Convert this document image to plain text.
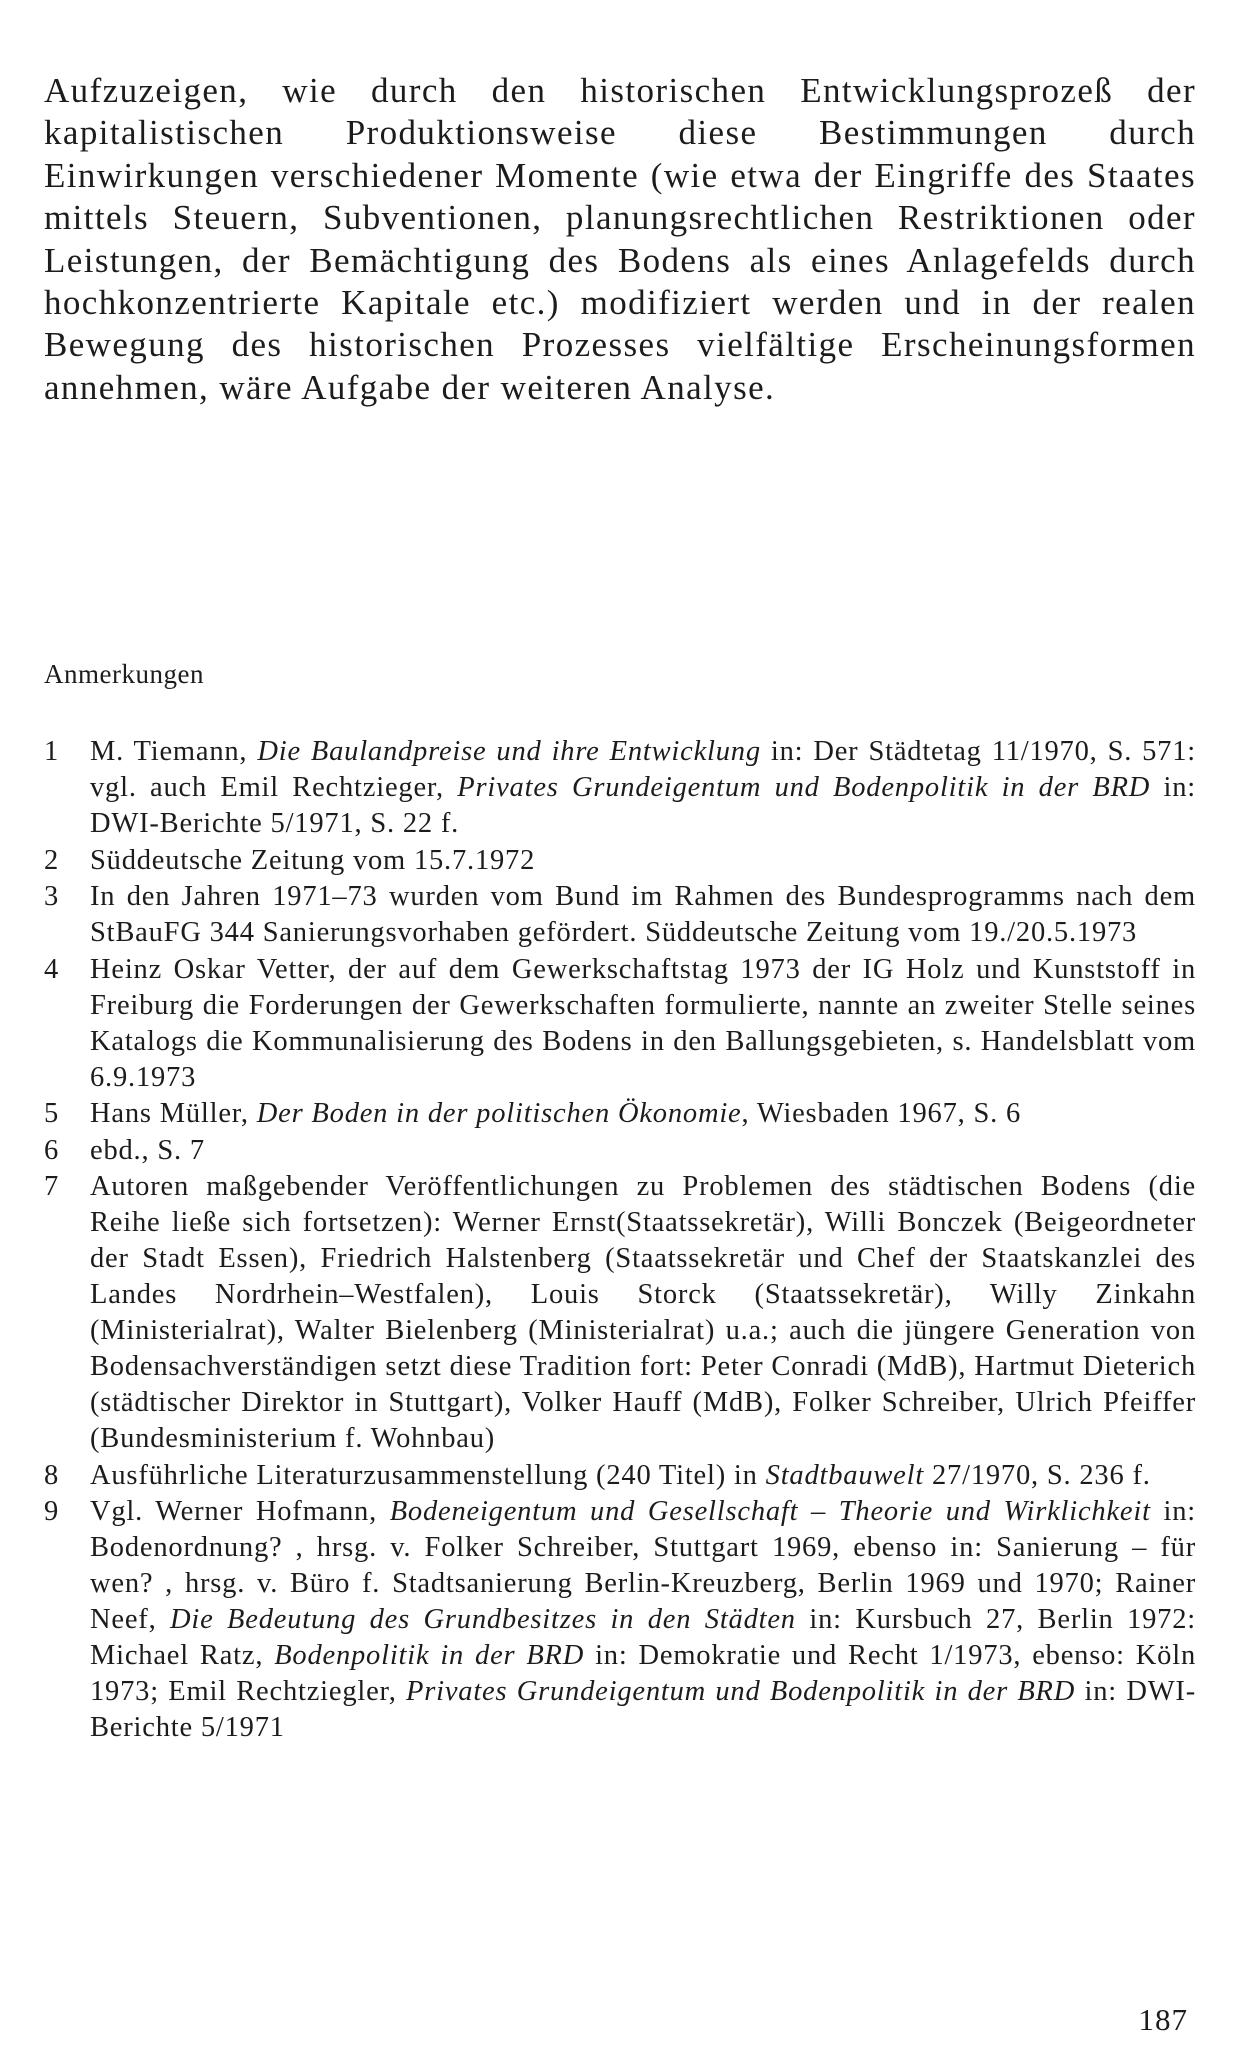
Aufzuzeigen, wie durch den historischen Entwicklungsprozeß der kapitalistischen Produktionsweise diese Bestimmungen durch Einwirkungen verschiedener Momente (wie etwa der Eingriffe des Staates mittels Steuern, Subventionen, planungsrechtlichen Restriktionen oder Leistungen, der Bemächtigung des Bodens als eines Anlagefelds durch hochkonzentrierte Kapitale etc.) modifiziert werden und in der realen Bewegung des historischen Prozesses vielfältige Erscheinungsformen annehmen, wäre Aufgabe der weiteren Analyse.

Anmerkungen
1 M. Tiemann, Die Baulandpreise und ihre Entwicklung in: Der Städtetag 11/1970, S. 571: vgl. auch Emil Rechtzieger, Privates Grundeigentum und Bodenpolitik in der BRD in: DWI-Berichte 5/1971, S. 22 f.
2 Süddeutsche Zeitung vom 15.7.1972
3 In den Jahren 1971–73 wurden vom Bund im Rahmen des Bundesprogramms nach dem StBauFG 344 Sanierungsvorhaben gefördert. Süddeutsche Zeitung vom 19./20.5.1973
4 Heinz Oskar Vetter, der auf dem Gewerkschaftstag 1973 der IG Holz und Kunststoff in Freiburg die Forderungen der Gewerkschaften formulierte, nannte an zweiter Stelle seines Katalogs die Kommunalisierung des Bodens in den Ballungsgebieten, s. Handelsblatt vom 6.9.1973
5 Hans Müller, Der Boden in der politischen Ökonomie, Wiesbaden 1967, S. 6
6 ebd., S. 7
7 Autoren maßgebender Veröffentlichungen zu Problemen des städtischen Bodens (die Reihe ließe sich fortsetzen): Werner Ernst(Staatssekretär), Willi Bonczek (Beigeordneter der Stadt Essen), Friedrich Halstenberg (Staatssekretär und Chef der Staatskanzlei des Landes Nordrhein–Westfalen), Louis Storck (Staatssekretär), Willy Zinkahn (Ministerialrat), Walter Bielenberg (Ministerialrat) u.a.; auch die jüngere Generation von Bodensachverständigen setzt diese Tradition fort: Peter Conradi (MdB), Hartmut Dieterich (städtischer Direktor in Stuttgart), Volker Hauff (MdB), Folker Schreiber, Ulrich Pfeiffer (Bundesministerium f. Wohnbau)
8 Ausführliche Literaturzusammenstellung (240 Titel) in Stadtbauwelt 27/1970, S. 236 f.
9 Vgl. Werner Hofmann, Bodeneigentum und Gesellschaft – Theorie und Wirklichkeit in: Bodenordnung? , hrsg. v. Folker Schreiber, Stuttgart 1969, ebenso in: Sanierung – für wen? , hrsg. v. Büro f. Stadtsanierung Berlin-Kreuzberg, Berlin 1969 und 1970; Rainer Neef, Die Bedeutung des Grundbesitzes in den Städten in: Kursbuch 27, Berlin 1972: Michael Ratz, Bodenpolitik in der BRD in: Demokratie und Recht 1/1973, ebenso: Köln 1973; Emil Rechtziegler, Privates Grundeigentum und Bodenpolitik in der BRD in: DWI-Berichte 5/1971

187
